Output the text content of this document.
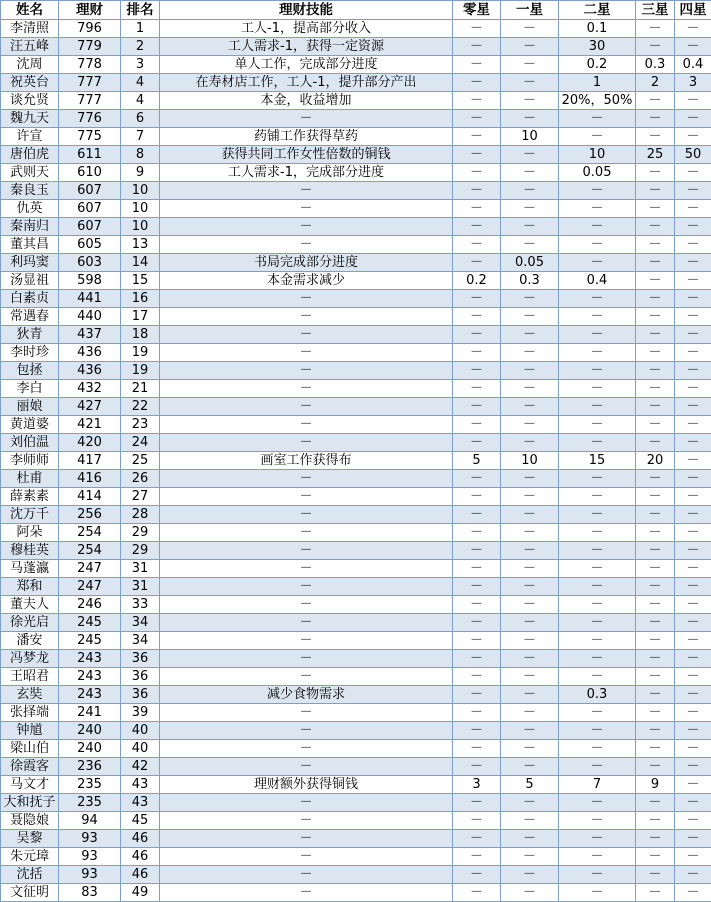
姓名	理财	排名	理财技能	零星	一星	二星	三星	四星
李清照	796	1	工人-1，提高部分收入	－	－	0.1	－	－
汪五峰	779	2	工人需求-1，获得一定资源	－	－	30	－	－
沈周	778	3	单人工作，完成部分进度	－	－	0.2	0.3	0.4
祝英台	777	4	在寿材店工作，工人-1，提升部分产出	－	－	1	2	3
谈允贤	777	4	本金，收益增加	－	－	20%，50%	－	－
魏九天	776	6	－	－	－	－	－	－
许宣	775	7	药铺工作获得草药	－	10	－	－	－
唐伯虎	611	8	获得共同工作女性倍数的铜钱	－	－	10	25	50
武则天	610	9	工人需求-1，完成部分进度	－	－	0.05	－	－
秦良玉	607	10	－	－	－	－	－	－
仇英	607	10	－	－	－	－	－	－
秦南归	607	10	－	－	－	－	－	－
董其昌	605	13	－	－	－	－	－	－
利玛窦	603	14	书局完成部分进度	－	0.05	－	－	－
汤显祖	598	15	本金需求减少	0.2	0.3	0.4	－	－
白素贞	441	16	－	－	－	－	－	－
常遇春	440	17	－	－	－	－	－	－
狄青	437	18	－	－	－	－	－	－
李时珍	436	19	－	－	－	－	－	－
包拯	436	19	－	－	－	－	－	－
李白	432	21	－	－	－	－	－	－
丽娘	427	22	－	－	－	－	－	－
黄道婆	421	23	－	－	－	－	－	－
刘伯温	420	24	－	－	－	－	－	－
李师师	417	25	画室工作获得布	5	10	15	20	－
杜甫	416	26	－	－	－	－	－	－
薛素素	414	27	－	－	－	－	－	－
沈万千	256	28	－	－	－	－	－	－
阿朵	254	29	－	－	－	－	－	－
穆桂英	254	29	－	－	－	－	－	－
马蓬瀛	247	31	－	－	－	－	－	－
郑和	247	31	－	－	－	－	－	－
董夫人	246	33	－	－	－	－	－	－
徐光启	245	34	－	－	－	－	－	－
潘安	245	34	－	－	－	－	－	－
冯梦龙	243	36	－	－	－	－	－	－
王昭君	243	36	－	－	－	－	－	－
玄奘	243	36	减少食物需求	－	－	0.3	－	－
张择端	241	39	－	－	－	－	－	－
钟馗	240	40	－	－	－	－	－	－
梁山伯	240	40	－	－	－	－	－	－
徐霞客	236	42	－	－	－	－	－	－
马文才	235	43	理财额外获得铜钱	3	5	7	9	－
大和抚子	235	43	－	－	－	－	－	－
聂隐娘	94	45	－	－	－	－	－	－
吴黎	93	46	－	－	－	－	－	－
朱元璋	93	46	－	－	－	－	－	－
沈括	93	46	－	－	－	－	－	－
文征明	83	49	－	－	－	－	－	－
